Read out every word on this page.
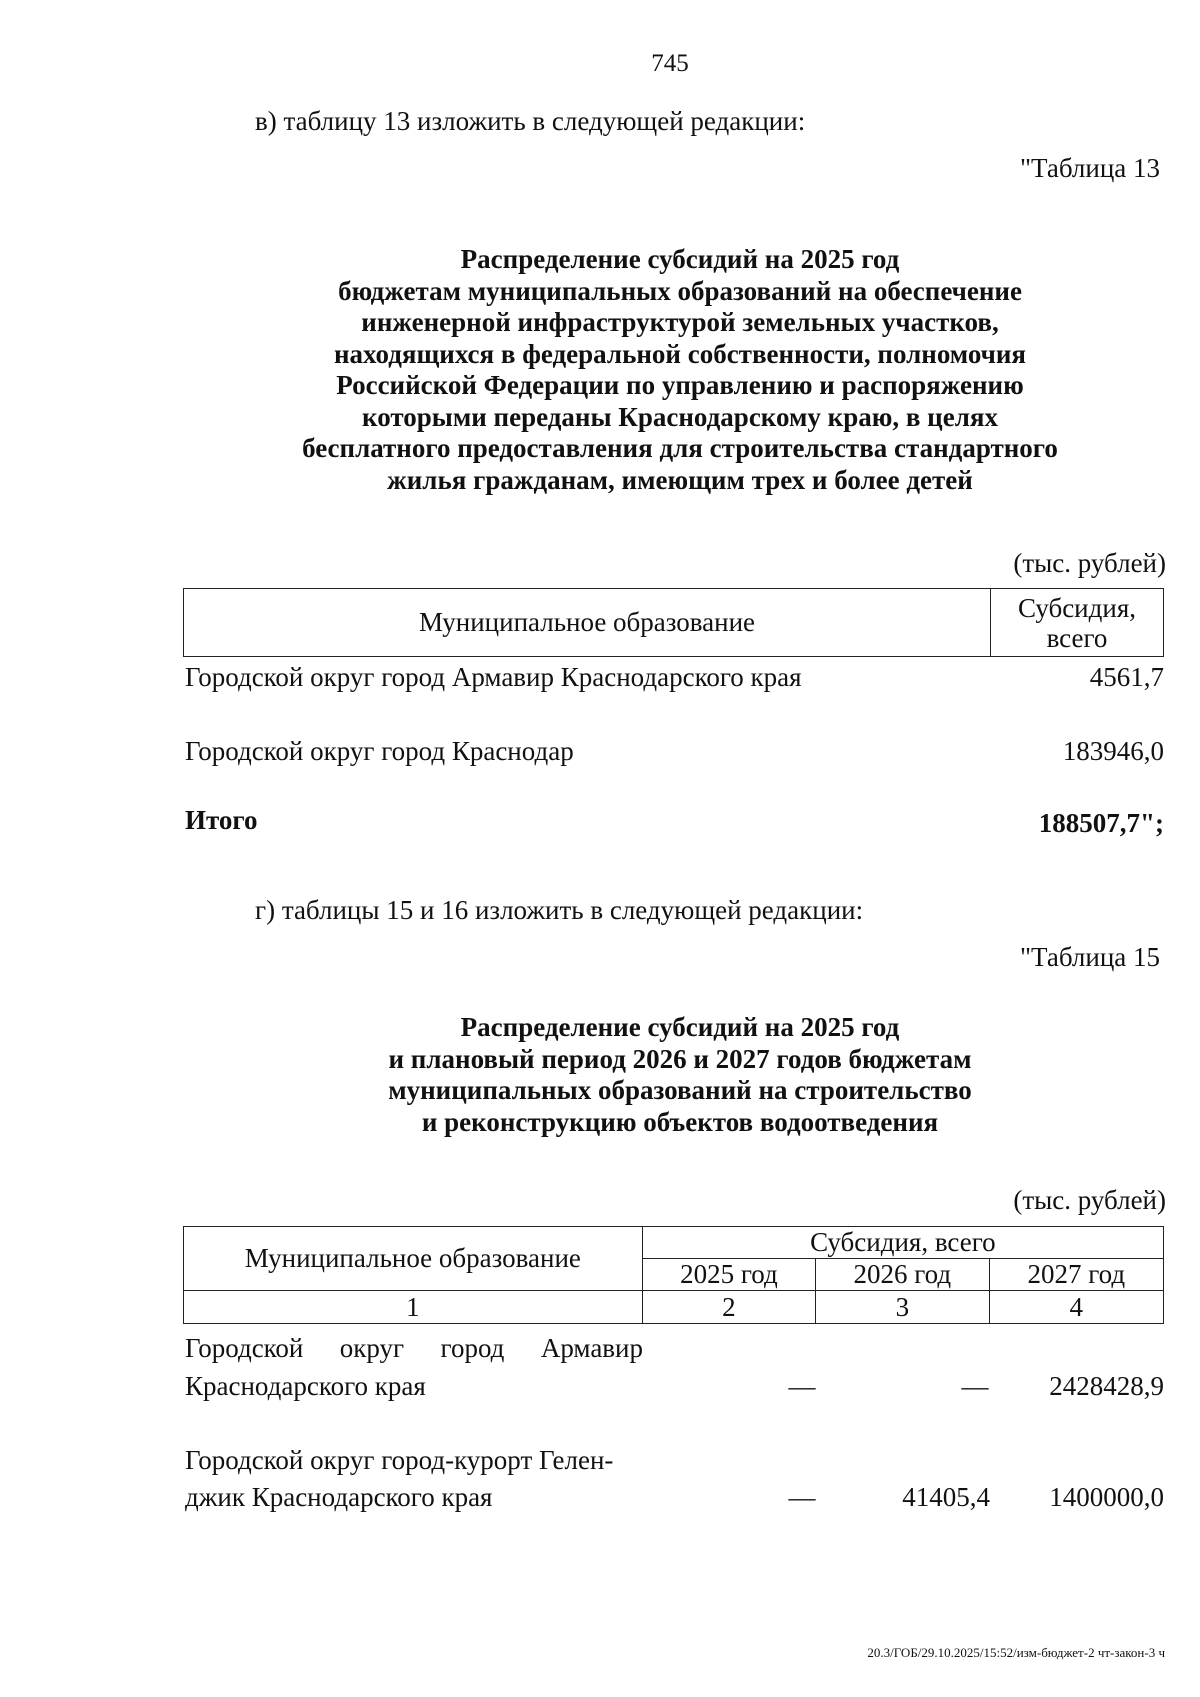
745
в) таблицу 13 изложить в следующей редакции:
"Таблица 13
Распределение субсидий на 2025 год
бюджетам муниципальных образований на обеспечение
инженерной инфраструктурой земельных участков,
находящихся в федеральной собственности, полномочия
Российской Федерации по управлению и распоряжению
которыми переданы Краснодарскому краю, в целях
бесплатного предоставления для строительства стандартного
жилья гражданам, имеющим трех и более детей
(тыс. рублей)
Муниципальное образование	Субсидия,
всего
Городской округ город Армавир Краснодарского края	4561,7
Городской округ город Краснодар	183946,0
Итого	188507,7";
г) таблицы 15 и 16 изложить в следующей редакции:
"Таблица 15
Распределение субсидий на 2025 год
и плановый период 2026 и 2027 годов бюджетам
муниципальных образований на строительство
и реконструкцию объектов водоотведения
(тыс. рублей)
Муниципальное образование	Субсидия, всего		
	2025 год	2026 год	2027 год
1	2	3	4
Городской округ город Армавир
Краснодарского края	—	—	2428428,9
Городской округ город-курорт Гелен-
джик Краснодарского края	—	41405,4	1400000,0
20.3/ГОБ/29.10.2025/15:52/изм-бюджет-2 чт-закон-3 ч
